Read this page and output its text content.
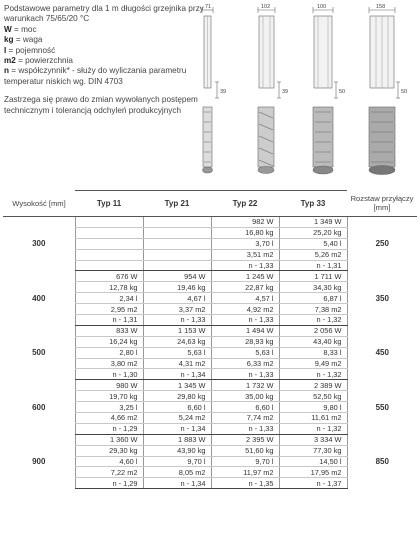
Podstawowe parametry dla 1 m długości grzejnika przy warunkach 75/65/20 °C

W = moc

kg = waga

I = pojemność

m2 = powierzchnia

n = współczynnik* - służy do wyliczania parametru temperatur niskich wg. DIN 4703

Zastrzega się prawo do zmian wywołanych postępem technicznym i tolerancją odchyleń produkcyjnych

71	102	100	158
39	39	50	50
Wysokość [mm]	Typ 11	Typ 21	Typ 22	Typ 33	Rozstaw przyłączy [mm]
300			982 W	1 349 W	250
			16,80 kg	25,20 kg	
			3,70 l	5,40 l	
			3,51 m2	5,26 m2	
			n - 1,33	n - 1,31	
400	676 W	954 W	1 245 W	1 711 W	350
	12,78 kg	19,46 kg	22,87 kg	34,30 kg	
	2,34 l	4,67 l	4,57 l	6,87 l	
	2,95 m2	3,37 m2	4,92 m2	7,38 m2	
	n - 1,31	n - 1,33	n - 1,33	n - 1,32	
500	833 W	1 153 W	1 494 W	2 056 W	450
	16,24 kg	24,63 kg	28,93 kg	43,40 kg	
	2,80 l	5,63 l	5,63 l	8,33 l	
	3,80 m2	4,31 m2	6,33 m2	9,49 m2	
	n - 1,30	n - 1,34	n - 1,33	n - 1,32	
600	980 W	1 345 W	1 732 W	2 389 W	550
	19,70 kg	29,80 kg	35,00 kg	52,50 kg	
	3,25 l	6,60 l	6,60 l	9,80 l	
	4,66 m2	5,24 m2	7,74 m2	11,61 m2	
	n - 1,29	n - 1,34	n - 1,33	n - 1,32	
900	1 360 W	1 883 W	2 395 W	3 334 W	850
	29,30 kg	43,90 kg	51,60 kg	77,30 kg	
	4,60 l	9,70 l	9,70 l	14,50 l	
	7,22 m2	8,05 m2	11,97 m2	17,95 m2	
	n - 1,29	n - 1,34	n - 1,35	n - 1,37	
